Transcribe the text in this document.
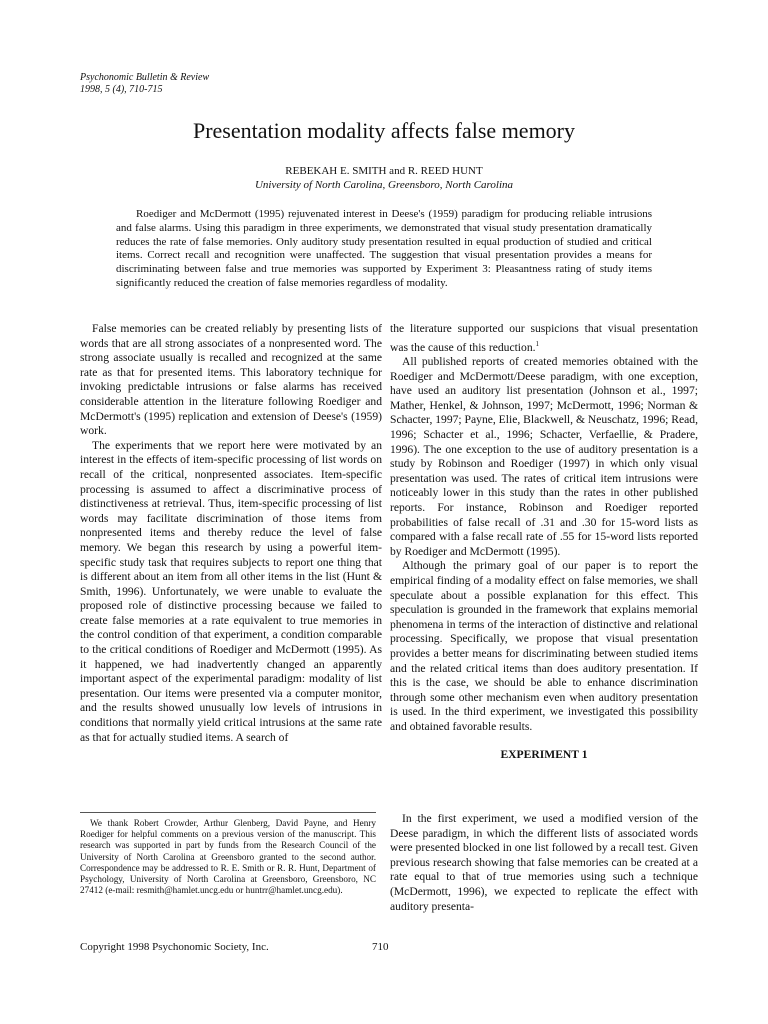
Psychonomic Bulletin & Review
1998, 5 (4), 710-715
Presentation modality affects false memory
REBEKAH E. SMITH and R. REED HUNT
University of North Carolina, Greensboro, North Carolina
Roediger and McDermott (1995) rejuvenated interest in Deese's (1959) paradigm for producing reliable intrusions and false alarms. Using this paradigm in three experiments, we demonstrated that visual study presentation dramatically reduces the rate of false memories. Only auditory study presentation resulted in equal production of studied and critical items. Correct recall and recognition were unaffected. The suggestion that visual presentation provides a means for discriminating between false and true memories was supported by Experiment 3: Pleasantness rating of study items significantly reduced the creation of false memories regardless of modality.

False memories can be created reliably by presenting lists of words that are all strong associates of a nonpresented word. The strong associate usually is recalled and recognized at the same rate as that for presented items. This laboratory technique for invoking predictable intrusions or false alarms has received considerable attention in the literature following Roediger and McDermott's (1995) replication and extension of Deese's (1959) work.

The experiments that we report here were motivated by an interest in the effects of item-specific processing of list words on recall of the critical, nonpresented associates. Item-specific processing is assumed to affect a discriminative process of distinctiveness at retrieval. Thus, item-specific processing of list words may facilitate discrimination of those items from nonpresented items and thereby reduce the level of false memory. We began this research by using a powerful item-specific study task that requires subjects to report one thing that is different about an item from all other items in the list (Hunt & Smith, 1996). Unfortunately, we were unable to evaluate the proposed role of distinctive processing because we failed to create false memories at a rate equivalent to true memories in the control condition of that experiment, a condition comparable to the critical conditions of Roediger and McDermott (1995). As it happened, we had inadvertently changed an apparently important aspect of the experimental paradigm: modality of list presentation. Our items were presented via a computer monitor, and the results showed unusually low levels of intrusions in conditions that normally yield critical intrusions at the same rate as that for actually studied items. A search of

the literature supported our suspicions that visual presentation was the cause of this reduction.$^1$

All published reports of created memories obtained with the Roediger and McDermott/Deese paradigm, with one exception, have used an auditory list presentation (Johnson et al., 1997; Mather, Henkel, & Johnson, 1997; McDermott, 1996; Norman & Schacter, 1997; Payne, Elie, Blackwell, & Neuschatz, 1996; Read, 1996; Schacter et al., 1996; Schacter, Verfaellie, & Pradere, 1996). The one exception to the use of auditory presentation is a study by Robinson and Roediger (1997) in which only visual presentation was used. The rates of critical item intrusions were noticeably lower in this study than the rates in other published reports. For instance, Robinson and Roediger reported probabilities of false recall of .31 and .30 for 15-word lists as compared with a false recall rate of .55 for 15-word lists reported by Roediger and McDermott (1995).

Although the primary goal of our paper is to report the empirical finding of a modality effect on false memories, we shall speculate about a possible explanation for this effect. This speculation is grounded in the framework that explains memorial phenomena in terms of the interaction of distinctive and relational processing. Specifically, we propose that visual presentation provides a better means for discriminating between studied items and the related critical items than does auditory presentation. If this is the case, we should be able to enhance discrimination through some other mechanism even when auditory presentation is used. In the third experiment, we investigated this possibility and obtained favorable results.

EXPERIMENT 1

In the first experiment, we used a modified version of the Deese paradigm, in which the different lists of associated words were presented blocked in one list followed by a recall test. Given previous research showing that false memories can be created at a rate equal to that of true memories using such a technique (McDermott, 1996), we expected to replicate the effect with auditory presenta-

We thank Robert Crowder, Arthur Glenberg, David Payne, and Henry Roediger for helpful comments on a previous version of the manuscript. This research was supported in part by funds from the Research Council of the University of North Carolina at Greensboro granted to the second author. Correspondence may be addressed to R. E. Smith or R. R. Hunt, Department of Psychology, University of North Carolina at Greensboro, Greensboro, NC 27412 (e-mail: resmith@hamlet.uncg.edu or huntrr@hamlet.uncg.edu).
Copyright 1998 Psychonomic Society, Inc.	710
